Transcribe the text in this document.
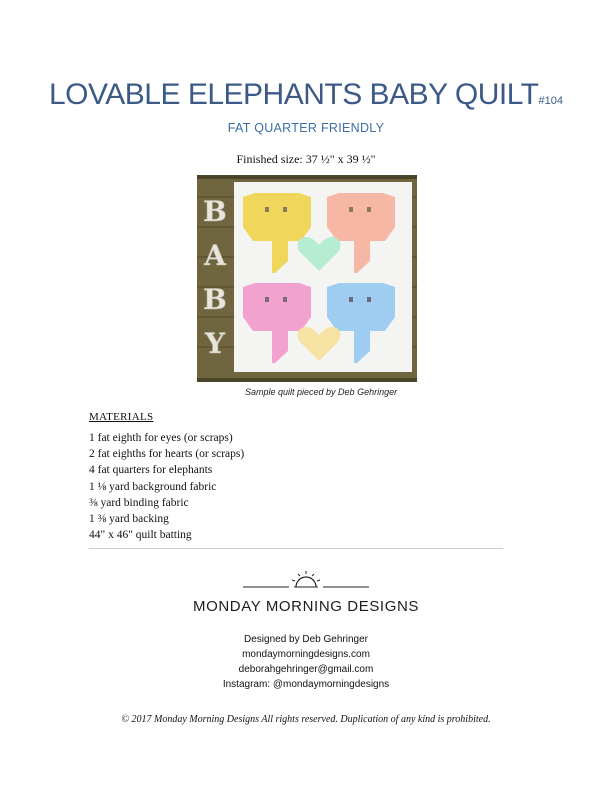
LOVABLE ELEPHANTS BABY QUILT#104
FAT QUARTER FRIENDLY
Finished size: 37 ½" x 39 ½"
B
A
B
Y
Sample quilt pieced by Deb Gehringer
MATERIALS
1 fat eighth for eyes (or scraps)
2 fat eighths for hearts (or scraps)
4 fat quarters for elephants
1 ⅛ yard background fabric
⅜ yard binding fabric
1 ⅜ yard backing
44" x 46" quilt batting
MONDAY MORNING DESIGNS
Designed by Deb Gehringer
mondaymorningdesigns.com
deborahgehringer@gmail.com
Instagram: @mondaymorningdesigns
© 2017 Monday Morning Designs All rights reserved. Duplication of any kind is prohibited.
